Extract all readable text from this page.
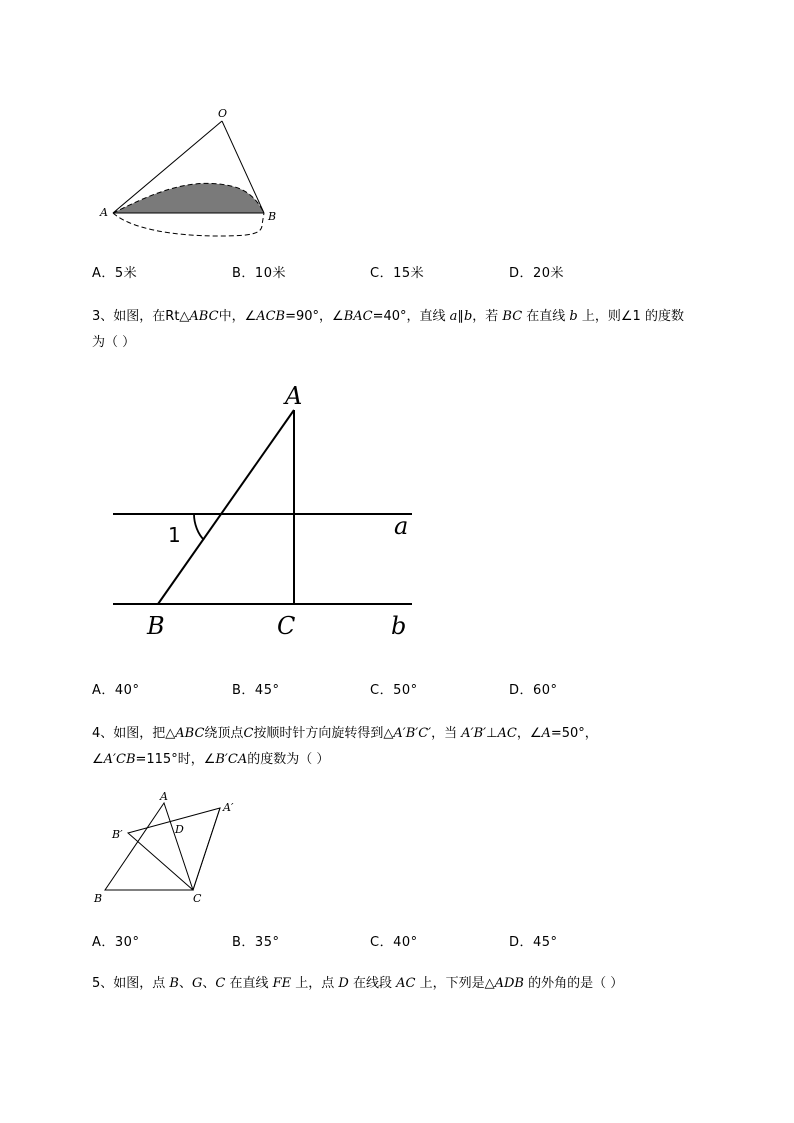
O
A	B
A．5米	B．10米	C．15米	D．20米
3、如图，在Rt△ABC中，∠ACB=90°，∠BAC=40°，直线 a∥b，若 BC 在直线 b 上，则∠1 的度数
为（ ）
A
B	C
a
b
1
A．40°	B．45°	C．50°	D．60°
4、如图，把△ABC绕顶点C按顺时针方向旋转得到△A′B′C′，当 A′B′⊥AC，∠A=50°，
∠A′CB=115°时，∠B′CA的度数为（ ）
A
A′
B′	D
B	C
A．30°	B．35°	C．40°	D．45°
5、如图，点 B、G、C 在直线 FE 上，点 D 在线段 AC 上，下列是△ADB 的外角的是（ ）
